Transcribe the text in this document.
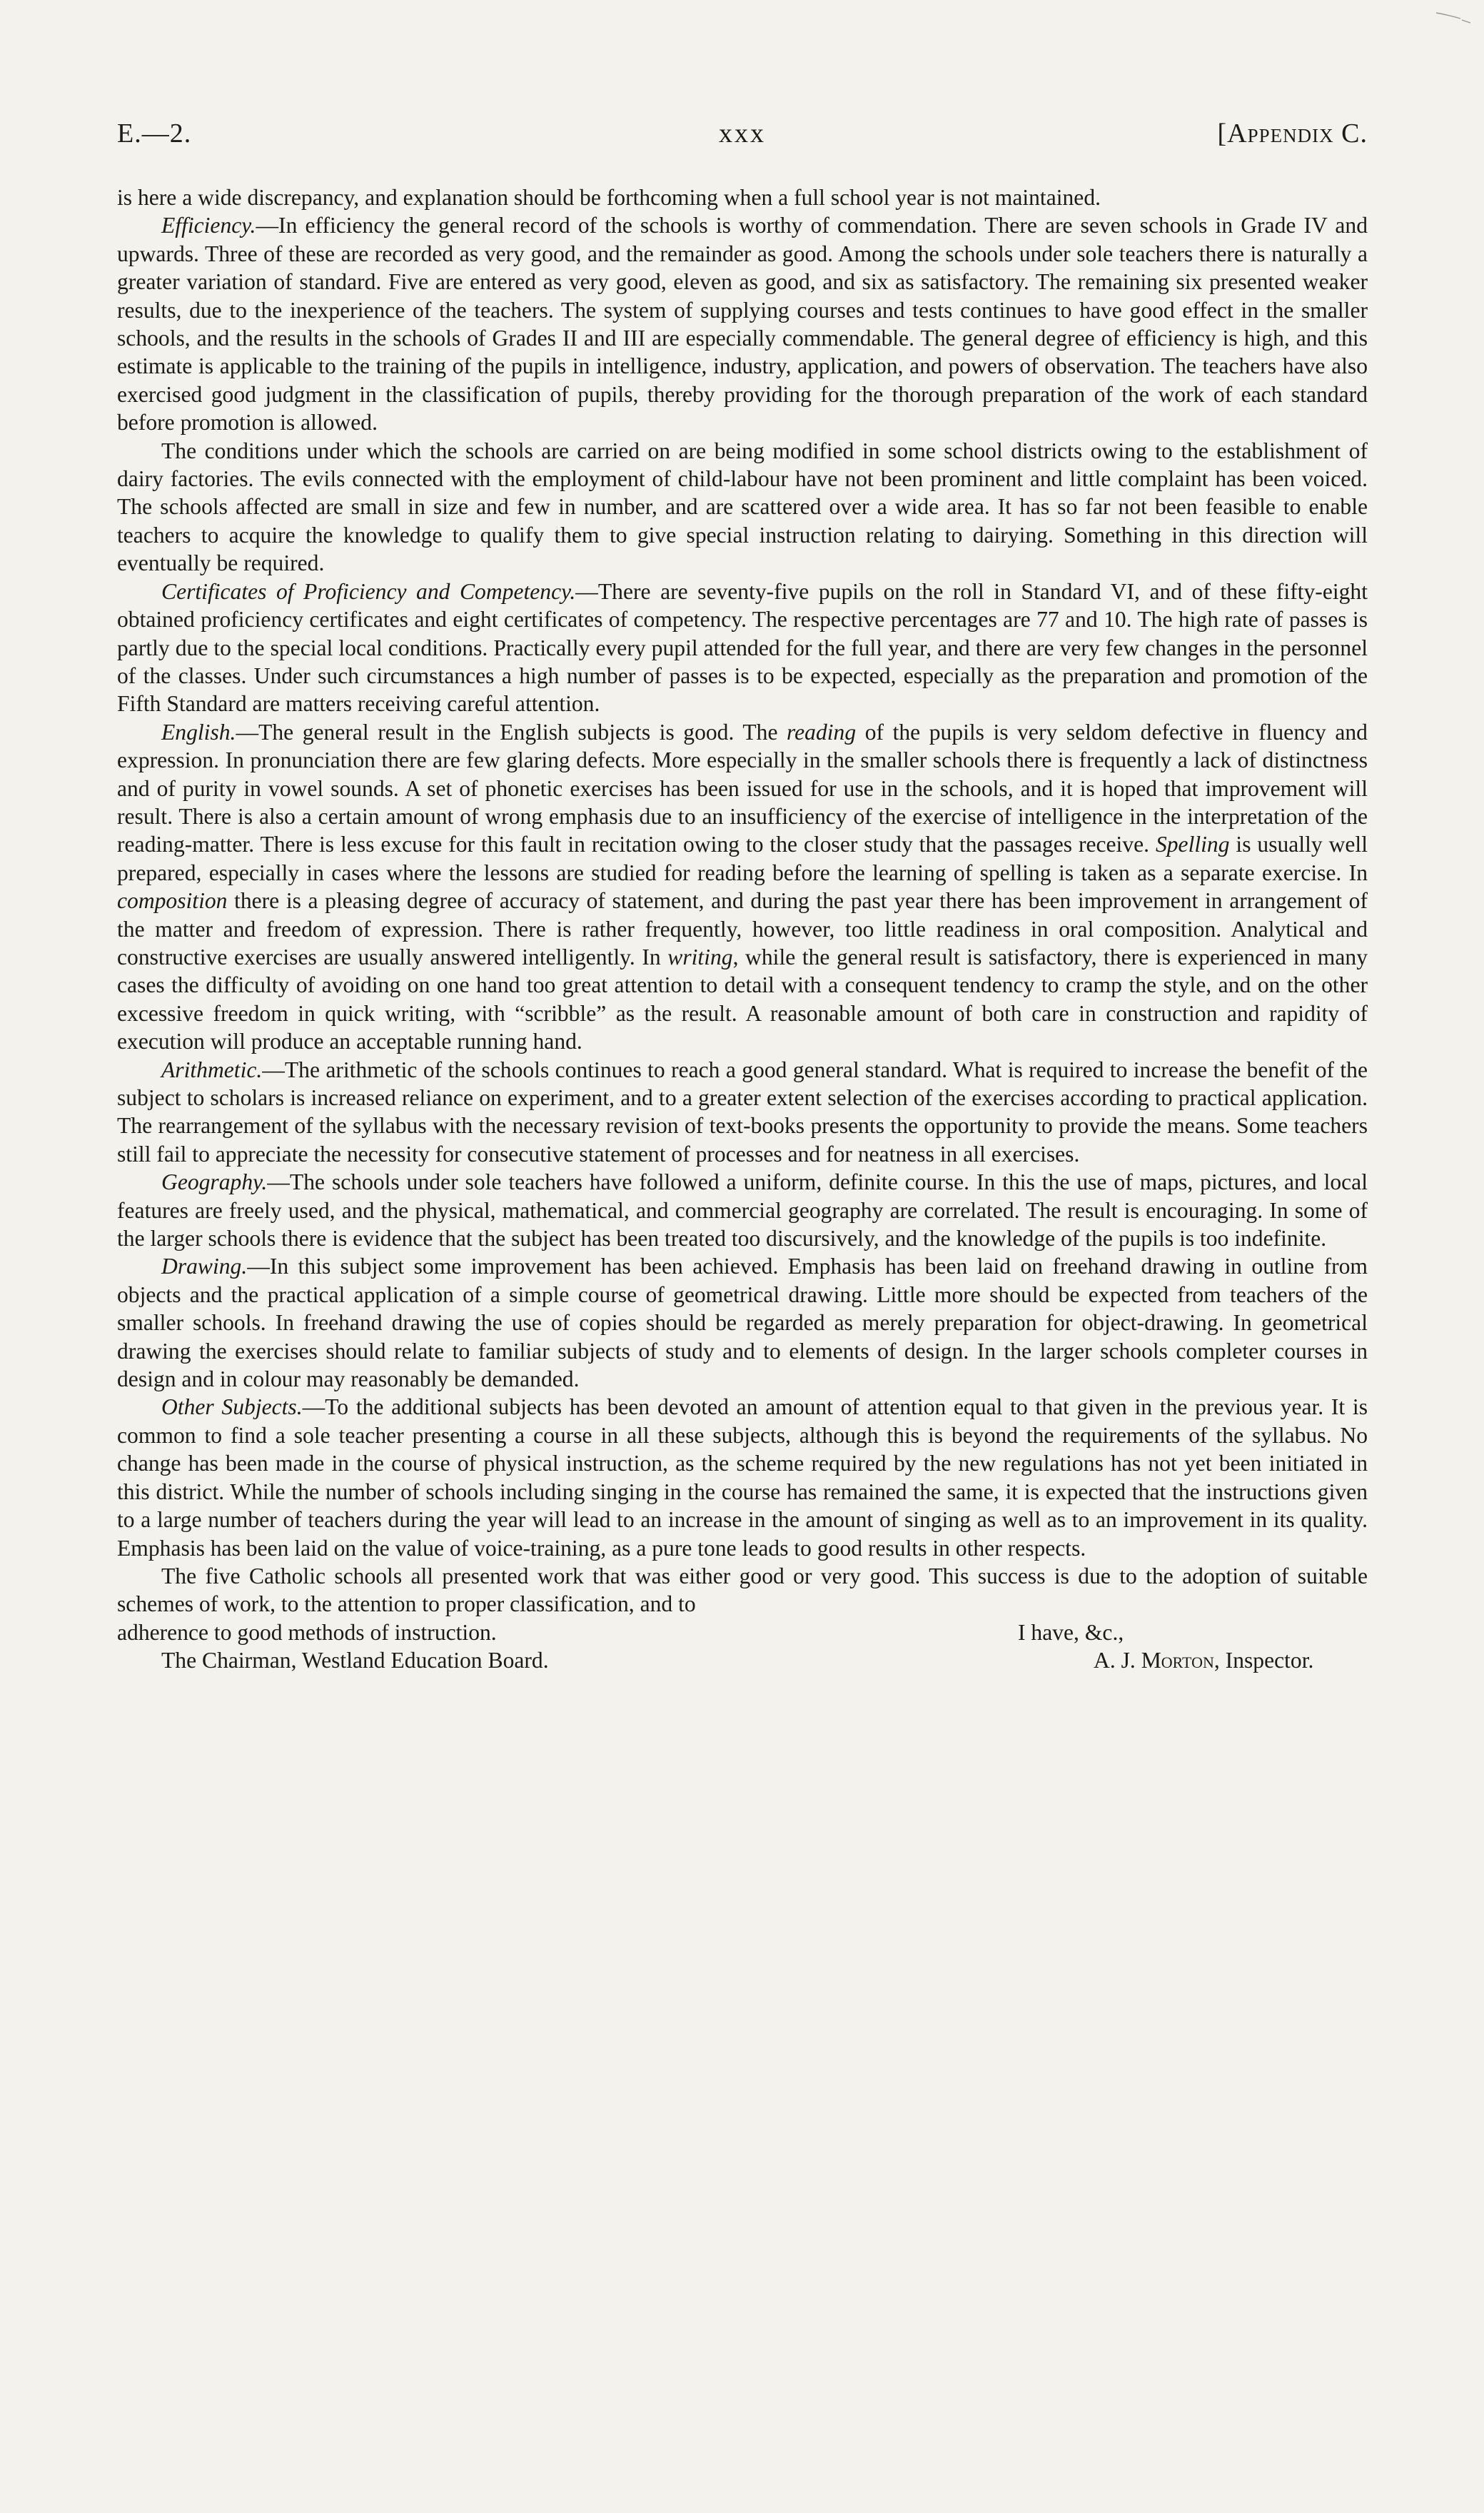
E.—2.	xxx	[Appendix C.

is here a wide discrepancy, and explanation should be forthcoming when a full school year is not maintained.

Efficiency.—In efficiency the general record of the schools is worthy of commendation. There are seven schools in Grade IV and upwards. Three of these are recorded as very good, and the remainder as good. Among the schools under sole teachers there is naturally a greater variation of standard. Five are entered as very good, eleven as good, and six as satisfactory. The remaining six presented weaker results, due to the inexperience of the teachers. The system of supplying courses and tests continues to have good effect in the smaller schools, and the results in the schools of Grades II and III are especially commendable. The general degree of efficiency is high, and this estimate is applicable to the training of the pupils in intelligence, industry, application, and powers of observation. The teachers have also exercised good judgment in the classification of pupils, thereby providing for the thorough preparation of the work of each standard before promotion is allowed.

The conditions under which the schools are carried on are being modified in some school districts owing to the establishment of dairy factories. The evils connected with the employment of child-labour have not been prominent and little complaint has been voiced. The schools affected are small in size and few in number, and are scattered over a wide area. It has so far not been feasible to enable teachers to acquire the knowledge to qualify them to give special instruction relating to dairying. Something in this direction will eventually be required.

Certificates of Proficiency and Competency.—There are seventy-five pupils on the roll in Standard VI, and of these fifty-eight obtained proficiency certificates and eight certificates of competency. The respective percentages are 77 and 10. The high rate of passes is partly due to the special local conditions. Practically every pupil attended for the full year, and there are very few changes in the personnel of the classes. Under such circumstances a high number of passes is to be expected, especially as the preparation and promotion of the Fifth Standard are matters receiving careful attention.

English.—The general result in the English subjects is good. The reading of the pupils is very seldom defective in fluency and expression. In pronunciation there are few glaring defects. More especially in the smaller schools there is frequently a lack of distinctness and of purity in vowel sounds. A set of phonetic exercises has been issued for use in the schools, and it is hoped that improvement will result. There is also a certain amount of wrong emphasis due to an insufficiency of the exercise of intelligence in the interpretation of the reading-matter. There is less excuse for this fault in recitation owing to the closer study that the passages receive. Spelling is usually well prepared, especially in cases where the lessons are studied for reading before the learning of spelling is taken as a separate exercise. In composition there is a pleasing degree of accuracy of statement, and during the past year there has been improvement in arrangement of the matter and freedom of expression. There is rather frequently, however, too little readiness in oral composition. Analytical and constructive exercises are usually answered intelligently. In writing, while the general result is satisfactory, there is experienced in many cases the difficulty of avoiding on one hand too great attention to detail with a consequent tendency to cramp the style, and on the other excessive freedom in quick writing, with “scribble” as the result. A reasonable amount of both care in construction and rapidity of execution will produce an acceptable running hand.

Arithmetic.—The arithmetic of the schools continues to reach a good general standard. What is required to increase the benefit of the subject to scholars is increased reliance on experiment, and to a greater extent selection of the exercises according to practical application. The rearrangement of the syllabus with the necessary revision of text-books presents the opportunity to provide the means. Some teachers still fail to appreciate the necessity for consecutive statement of processes and for neatness in all exercises.

Geography.—The schools under sole teachers have followed a uniform, definite course. In this the use of maps, pictures, and local features are freely used, and the physical, mathematical, and commercial geography are correlated. The result is encouraging. In some of the larger schools there is evidence that the subject has been treated too discursively, and the knowledge of the pupils is too indefinite.

Drawing.—In this subject some improvement has been achieved. Emphasis has been laid on freehand drawing in outline from objects and the practical application of a simple course of geometrical drawing. Little more should be expected from teachers of the smaller schools. In freehand drawing the use of copies should be regarded as merely preparation for object-drawing. In geometrical drawing the exercises should relate to familiar subjects of study and to elements of design. In the larger schools completer courses in design and in colour may reasonably be demanded.

Other Subjects.—To the additional subjects has been devoted an amount of attention equal to that given in the previous year. It is common to find a sole teacher presenting a course in all these subjects, although this is beyond the requirements of the syllabus. No change has been made in the course of physical instruction, as the scheme required by the new regulations has not yet been initiated in this district. While the number of schools including singing in the course has remained the same, it is expected that the instructions given to a large number of teachers during the year will lead to an increase in the amount of singing as well as to an improvement in its quality. Emphasis has been laid on the value of voice-training, as a pure tone leads to good results in other respects.

The five Catholic schools all presented work that was either good or very good. This success is due to the adoption of suitable schemes of work, to the attention to proper classification, and to

adherence to good methods of instruction.	I have, &c.,
The Chairman, Westland Education Board.	A. J. Morton, Inspector.
